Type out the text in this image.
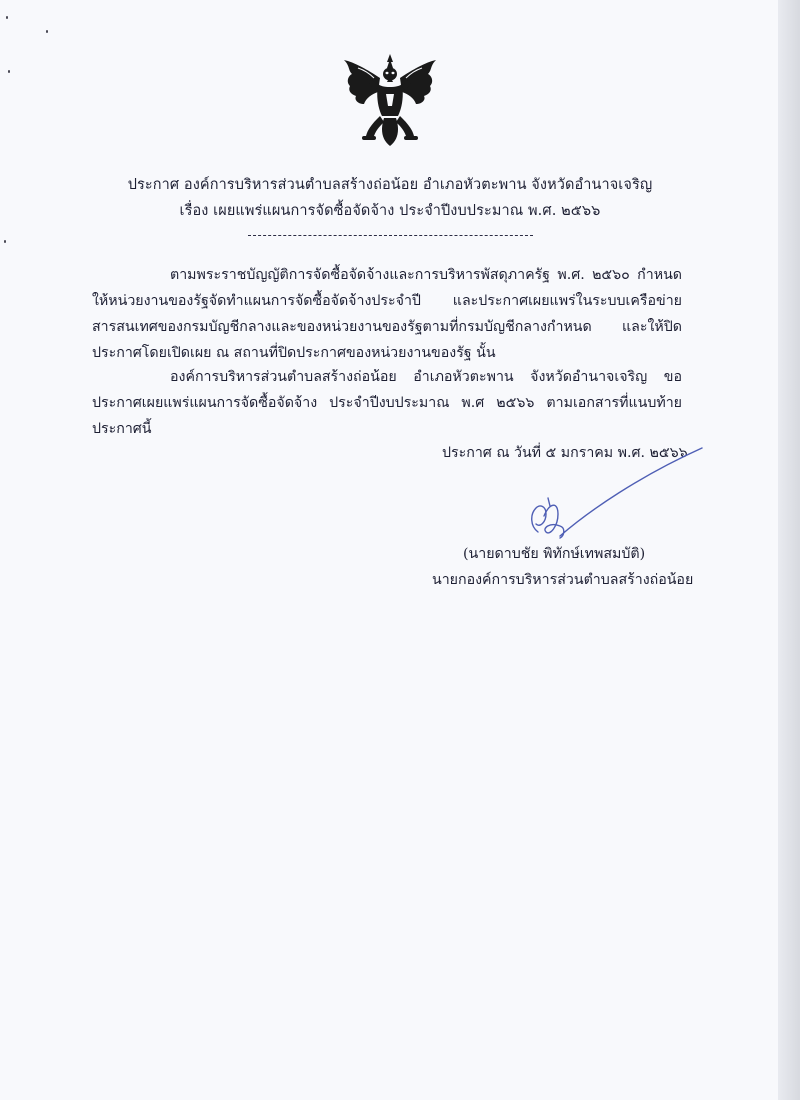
ประกาศ องค์การบริหารส่วนตำบลสร้างถ่อน้อย อำเภอหัวตะพาน จังหวัดอำนาจเจริญ
เรื่อง เผยแพร่แผนการจัดซื้อจัดจ้าง ประจำปีงบประมาณ พ.ศ. ๒๕๖๖

ตามพระราชบัญญัติการจัดซื้อจัดจ้างและการบริหารพัสดุภาครัฐ พ.ศ. ๒๕๖๐ กำหนดให้หน่วยงานของรัฐจัดทำแผนการจัดซื้อจัดจ้างประจำปี และประกาศเผยแพร่ในระบบเครือข่ายสารสนเทศของกรมบัญชีกลางและของหน่วยงานของรัฐตามที่กรมบัญชีกลางกำหนด และให้ปิดประกาศโดยเปิดเผย ณ สถานที่ปิดประกาศของหน่วยงานของรัฐ นั้น

องค์การบริหารส่วนตำบลสร้างถ่อน้อย อำเภอหัวตะพาน จังหวัดอำนาจเจริญ ขอประกาศเผยแพร่แผนการจัดซื้อจัดจ้าง ประจำปีงบประมาณ พ.ศ ๒๕๖๖ ตามเอกสารที่แนบท้ายประกาศนี้

ประกาศ ณ วันที่ ๕ มกราคม พ.ศ. ๒๕๖๖
(นายดาบชัย พิทักษ์เทพสมบัติ)
นายกองค์การบริหารส่วนตำบลสร้างถ่อน้อย
